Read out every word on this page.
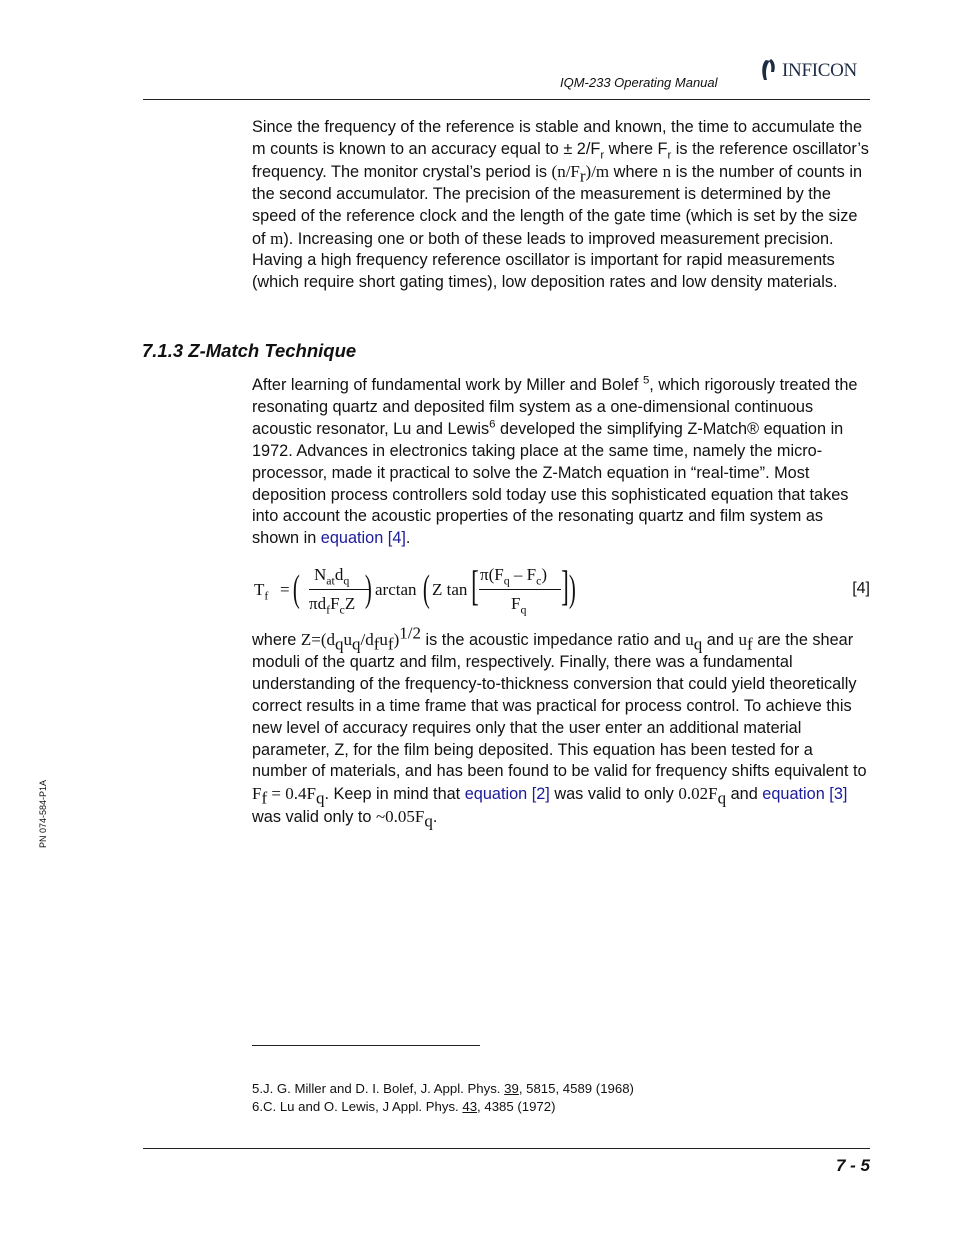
IQM-233 Operating Manual
INFICON
Since the frequency of the reference is stable and known, the time to accumulate the m counts is known to an accuracy equal to ± $2/F_r$ where $F_r$ is the reference oscillator’s frequency. The monitor crystal’s period is $(n/F_r)/m$ where n is the number of counts in the second accumulator. The precision of the measurement is determined by the speed of the reference clock and the length of the gate time (which is set by the size of m). Increasing one or both of these leads to improved measurement precision. Having a high frequency reference oscillator is important for rapid measurements (which require short gating times), low deposition rates and low density materials.
7.1.3 Z-Match Technique
After learning of fundamental work by Miller and Bolef $^5$, which rigorously treated the resonating quartz and deposited film system as a one-dimensional continuous acoustic resonator, Lu and Lewis$^6$ developed the simplifying Z-Match® equation in 1972. Advances in electronics taking place at the same time, namely the micro-processor, made it practical to solve the Z-Match equation in “real-time”. Most deposition process controllers sold today use this sophisticated equation that takes into account the acoustic properties of the resonating quartz and film system as shown in equation [4].
$T_f$ = ( $N_{at}d_q$
$\pi d_fF_cZ$ ) arctan ( Z tan [ $\pi(F_q - F_c)$
$F_q$ ] )	[4]
where $Z=(d_qu_q/d_fu_f)^{1/2}$ is the acoustic impedance ratio and $u_q$ and $u_f$ are the shear moduli of the quartz and film, respectively. Finally, there was a fundamental understanding of the frequency-to-thickness conversion that could yield theoretically correct results in a time frame that was practical for process control. To achieve this new level of accuracy requires only that the user enter an additional material parameter, Z, for the film being deposited. This equation has been tested for a number of materials, and has been found to be valid for frequency shifts equivalent to $F_f = 0.4F_q$. Keep in mind that equation [2] was valid to only $0.02F_q$ and equation [3] was valid only to $\sim 0.05F_q$.
PN 074-584-P1A
5.J. G. Miller and D. I. Bolef, J. Appl. Phys. 39, 5815, 4589 (1968)
6.C. Lu and O. Lewis, J Appl. Phys. 43, 4385 (1972)
7 - 5
